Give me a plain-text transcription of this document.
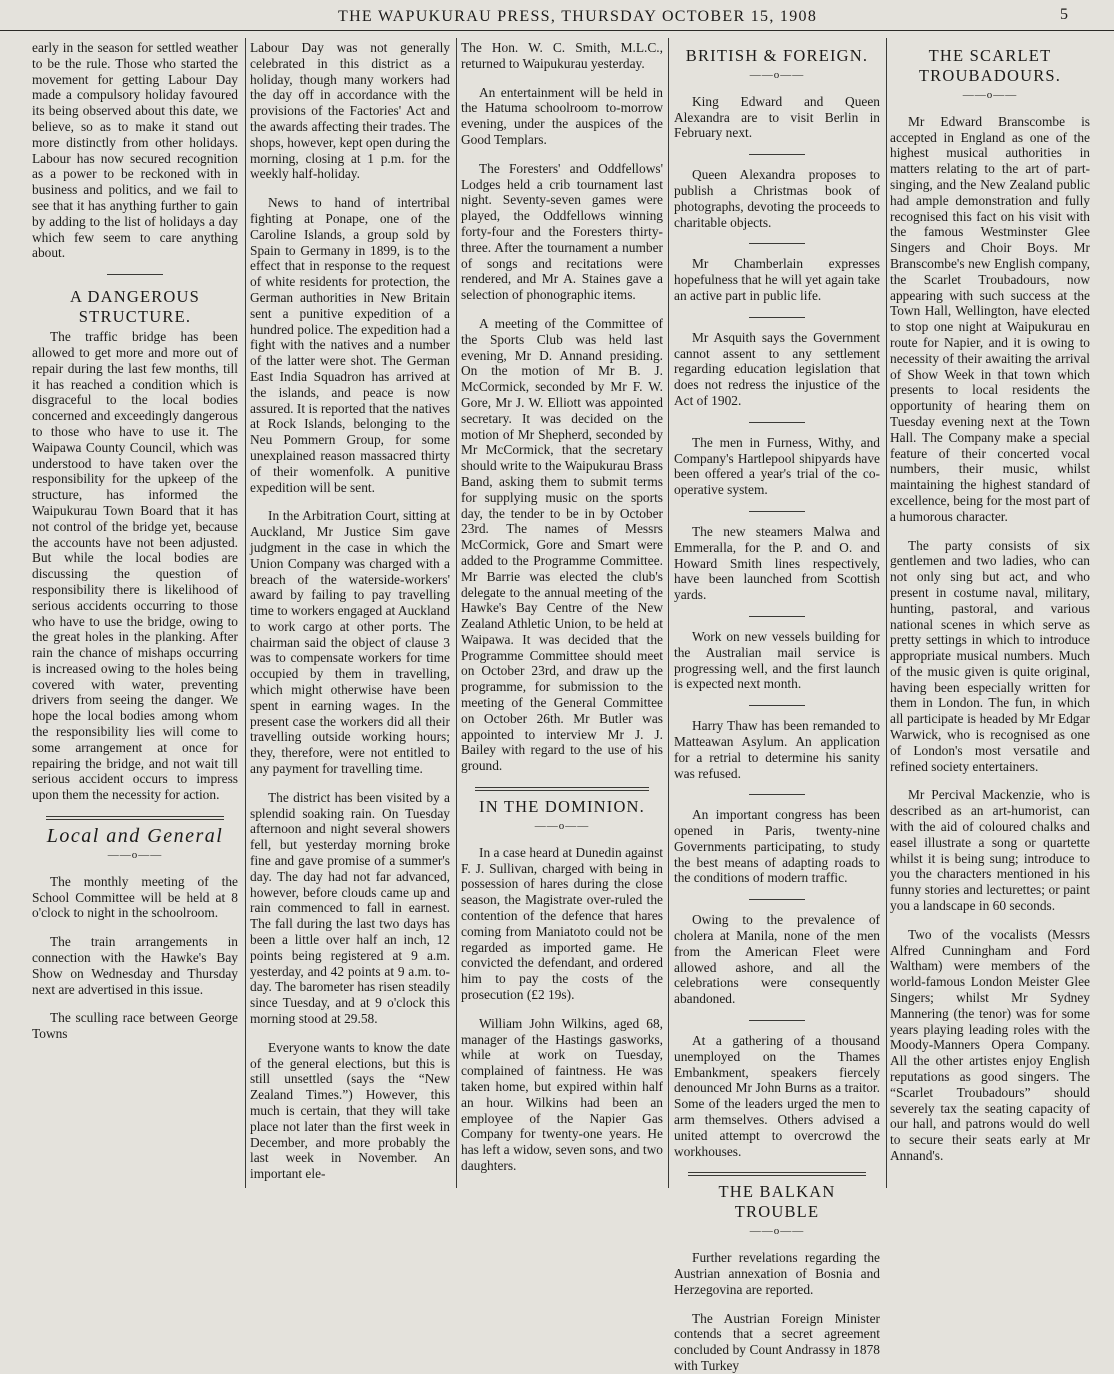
THE WAPUKURAU PRESS, THURSDAY OCTOBER 15, 1908	5

early in the season for settled weather to be the rule. Those who started the movement for getting Labour Day made a compulsory holiday favoured its being observed about this date, we believe, so as to make it stand out more distinctly from other holidays. Labour has now secured recognition as a power to be reckoned with in business and politics, and we fail to see that it has anything further to gain by adding to the list of holidays a day which few seem to care anything about.

A DANGEROUS STRUCTURE.

The traffic bridge has been allowed to get more and more out of repair during the last few months, till it has reached a condition which is disgraceful to the local bodies concerned and exceedingly dangerous to those who have to use it. The Waipawa County Council, which was understood to have taken over the responsibility for the upkeep of the structure, has informed the Waipukurau Town Board that it has not control of the bridge yet, because the accounts have not been adjusted. But while the local bodies are discussing the question of responsibility there is likelihood of serious accidents occurring to those who have to use the bridge, owing to the great holes in the planking. After rain the chance of mishaps occurring is increased owing to the holes being covered with water, preventing drivers from seeing the danger. We hope the local bodies among whom the responsibility lies will come to some arrangement at once for repairing the bridge, and not wait till serious accident occurs to impress upon them the necessity for action.

Local and General
——o——

The monthly meeting of the School Committee will be held at 8 o'clock to night in the schoolroom.

The train arrangements in connection with the Hawke's Bay Show on Wednesday and Thursday next are advertised in this issue.

The sculling race between George Towns

Labour Day was not generally celebrated in this district as a holiday, though many workers had the day off in accordance with the provisions of the Factories' Act and the awards affecting their trades. The shops, however, kept open during the morning, closing at 1 p.m. for the weekly half-holiday.

News to hand of intertribal fighting at Ponape, one of the Caroline Islands, a group sold by Spain to Germany in 1899, is to the effect that in response to the request of white residents for protection, the German authorities in New Britain sent a punitive expedition of a hundred police. The expedition had a fight with the natives and a number of the latter were shot. The German East India Squadron has arrived at the islands, and peace is now assured. It is reported that the natives at Rock Islands, belonging to the Neu Pommern Group, for some unexplained reason massacred thirty of their womenfolk. A punitive expedition will be sent.

In the Arbitration Court, sitting at Auckland, Mr Justice Sim gave judgment in the case in which the Union Company was charged with a breach of the waterside-workers' award by failing to pay travelling time to workers engaged at Auckland to work cargo at other ports. The chairman said the object of clause 3 was to compensate workers for time occupied by them in travelling, which might otherwise have been spent in earning wages. In the present case the workers did all their travelling outside working hours; they, therefore, were not entitled to any payment for travelling time.

The district has been visited by a splendid soaking rain. On Tuesday afternoon and night several showers fell, but yesterday morning broke fine and gave promise of a summer's day. The day had not far advanced, however, before clouds came up and rain commenced to fall in earnest. The fall during the last two days has been a little over half an inch, 12 points being registered at 9 a.m. yesterday, and 42 points at 9 a.m. to-day. The barometer has risen steadily since Tuesday, and at 9 o'clock this morning stood at 29.58.

Everyone wants to know the date of the general elections, but this is still unsettled (says the “New Zealand Times.”) However, this much is certain, that they will take place not later than the first week in December, and more probably the last week in November. An important ele-

The Hon. W. C. Smith, M.L.C., returned to Waipukurau yesterday.

An entertainment will be held in the Hatuma schoolroom to-morrow evening, under the auspices of the Good Templars.

The Foresters' and Oddfellows' Lodges held a crib tournament last night. Seventy-seven games were played, the Oddfellows winning forty-four and the Foresters thirty-three. After the tournament a number of songs and recitations were rendered, and Mr A. Staines gave a selection of phonographic items.

A meeting of the Committee of the Sports Club was held last evening, Mr D. Annand presiding. On the motion of Mr B. J. McCormick, seconded by Mr F. W. Gore, Mr J. W. Elliott was appointed secretary. It was decided on the motion of Mr Shepherd, seconded by Mr McCormick, that the secretary should write to the Waipukurau Brass Band, asking them to submit terms for supplying music on the sports day, the tender to be in by October 23rd. The names of Messrs McCormick, Gore and Smart were added to the Programme Committee. Mr Barrie was elected the club's delegate to the annual meeting of the Hawke's Bay Centre of the New Zealand Athletic Union, to be held at Waipawa. It was decided that the Programme Committee should meet on October 23rd, and draw up the programme, for submission to the meeting of the General Committee on October 26th. Mr Butler was appointed to interview Mr J. J. Bailey with regard to the use of his ground.

IN THE DOMINION.
——o——

In a case heard at Dunedin against F. J. Sullivan, charged with being in possession of hares during the close season, the Magistrate over-ruled the contention of the defence that hares coming from Maniatoto could not be regarded as imported game. He convicted the defendant, and ordered him to pay the costs of the prosecution (£2 19s).

William John Wilkins, aged 68, manager of the Hastings gasworks, while at work on Tuesday, complained of faintness. He was taken home, but expired within half an hour. Wilkins had been an employee of the Napier Gas Company for twenty-one years. He has left a widow, seven sons, and two daughters.

BRITISH & FOREIGN.
——o——

King Edward and Queen Alexandra are to visit Berlin in February next.

Queen Alexandra proposes to publish a Christmas book of photographs, devoting the proceeds to charitable objects.

Mr Chamberlain expresses hopefulness that he will yet again take an active part in public life.

Mr Asquith says the Government cannot assent to any settlement regarding education legislation that does not redress the injustice of the Act of 1902.

The men in Furness, Withy, and Company's Hartlepool shipyards have been offered a year's trial of the co-operative system.

The new steamers Malwa and Emmeralla, for the P. and O. and Howard Smith lines respectively, have been launched from Scottish yards.

Work on new vessels building for the Australian mail service is progressing well, and the first launch is expected next month.

Harry Thaw has been remanded to Matteawan Asylum. An application for a retrial to determine his sanity was refused.

An important congress has been opened in Paris, twenty-nine Governments participating, to study the best means of adapting roads to the conditions of modern traffic.

Owing to the prevalence of cholera at Manila, none of the men from the American Fleet were allowed ashore, and all the celebrations were consequently abandoned.

At a gathering of a thousand unemployed on the Thames Embankment, speakers fiercely denounced Mr John Burns as a traitor. Some of the leaders urged the men to arm themselves. Others advised a united attempt to overcrowd the workhouses.

THE BALKAN TROUBLE
——o——

Further revelations regarding the Austrian annexation of Bosnia and Herzegovina are reported.

The Austrian Foreign Minister contends that a secret agreement concluded by Count Andrassy in 1878 with Turkey

THE SCARLET TROUBADOURS.
——o——

Mr Edward Branscombe is accepted in England as one of the highest musical authorities in matters relating to the art of part-singing, and the New Zealand public had ample demonstration and fully recognised this fact on his visit with the famous Westminster Glee Singers and Choir Boys. Mr Branscombe's new English company, the Scarlet Troubadours, now appearing with such success at the Town Hall, Wellington, have elected to stop one night at Waipukurau en route for Napier, and it is owing to necessity of their awaiting the arrival of Show Week in that town which presents to local residents the opportunity of hearing them on Tuesday evening next at the Town Hall. The Company make a special feature of their concerted vocal numbers, their music, whilst maintaining the highest standard of excellence, being for the most part of a humorous character.

The party consists of six gentlemen and two ladies, who can not only sing but act, and who present in costume naval, military, hunting, pastoral, and various national scenes in which serve as pretty settings in which to introduce appropriate musical numbers. Much of the music given is quite original, having been especially written for them in London. The fun, in which all participate is headed by Mr Edgar Warwick, who is recognised as one of London's most versatile and refined society entertainers.

Mr Percival Mackenzie, who is described as an art-humorist, can with the aid of coloured chalks and easel illustrate a song or quartette whilst it is being sung; introduce to you the characters mentioned in his funny stories and lecturettes; or paint you a landscape in 60 seconds.

Two of the vocalists (Messrs Alfred Cunningham and Ford Waltham) were members of the world-famous London Meister Glee Singers; whilst Mr Sydney Mannering (the tenor) was for some years playing leading roles with the Moody-Manners Opera Company. All the other artistes enjoy English reputations as good singers. The “Scarlet Troubadours” should severely tax the seating capacity of our hall, and patrons would do well to secure their seats early at Mr Annand's.
